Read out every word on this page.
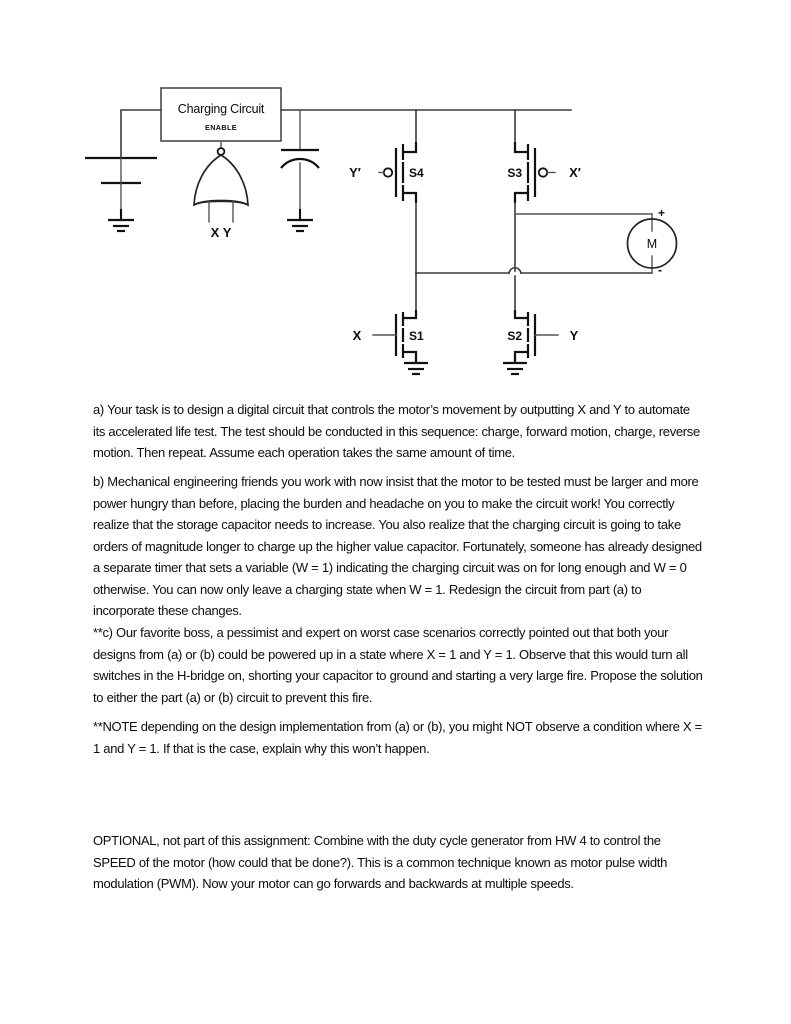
Charging Circuit
ENABLE
X Y
S4
Y′
S1
X
S3	X′
S2	Y
M
+
-

a) Your task is to design a digital circuit that controls the motor’s movement by outputting X and Y to automate its accelerated life test. The test should be conducted in this sequence: charge, forward motion, charge, reverse motion. Then repeat. Assume each operation takes the same amount of time.

b) Mechanical engineering friends you work with now insist that the motor to be tested must be larger and more power hungry than before, placing the burden and headache on you to make the circuit work! You correctly realize that the storage capacitor needs to increase. You also realize that the charging circuit is going to take orders of magnitude longer to charge up the higher value capacitor. Fortunately, someone has already designed a separate timer that sets a variable (W = 1) indicating the charging circuit was on for long enough and W = 0 otherwise. You can now only leave a charging state when W = 1. Redesign the circuit from part (a) to incorporate these changes.

**c) Our favorite boss, a pessimist and expert on worst case scenarios correctly pointed out that both your designs from (a) or (b) could be powered up in a state where X = 1 and Y = 1. Observe that this would turn all switches in the H-bridge on, shorting your capacitor to ground and starting a very large fire. Propose the solution to either the part (a) or (b) circuit to prevent this fire.

**NOTE depending on the design implementation from (a) or (b), you might NOT observe a condition where X = 1 and Y = 1. If that is the case, explain why this won’t happen.

OPTIONAL, not part of this assignment: Combine with the duty cycle generator from HW 4 to control the SPEED of the motor (how could that be done?). This is a common technique known as motor pulse width modulation (PWM). Now your motor can go forwards and backwards at multiple speeds.
